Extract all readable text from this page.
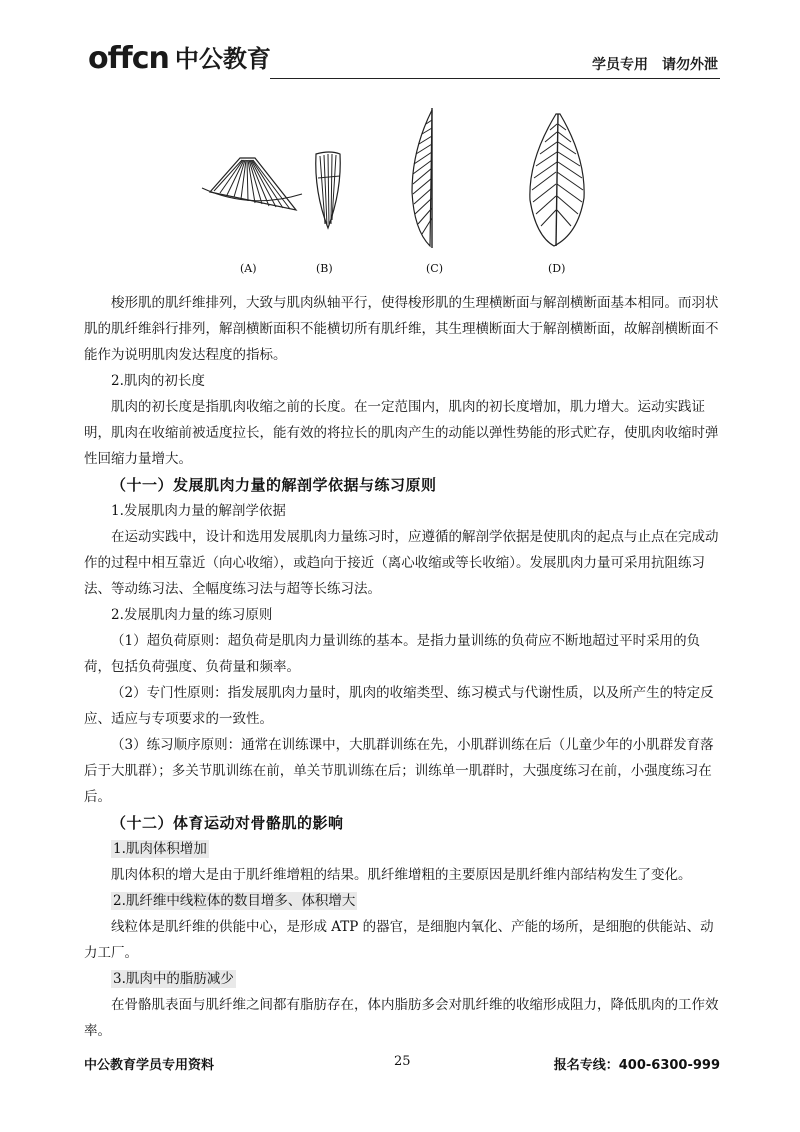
offcn 中公教育	学员专用 请勿外泄
(A)	(B)	(C)	(D)

梭形肌的肌纤维排列，大致与肌肉纵轴平行，使得梭形肌的生理横断面与解剖横断面基本相同。而羽状肌的肌纤维斜行排列，解剖横断面积不能横切所有肌纤维，其生理横断面大于解剖横断面，故解剖横断面不能作为说明肌肉发达程度的指标。

2.肌肉的初长度

肌肉的初长度是指肌肉收缩之前的长度。在一定范围内，肌肉的初长度增加，肌力增大。运动实践证明，肌肉在收缩前被适度拉长，能有效的将拉长的肌肉产生的动能以弹性势能的形式贮存，使肌肉收缩时弹性回缩力量增大。

（十一）发展肌肉力量的解剖学依据与练习原则

1.发展肌肉力量的解剖学依据

在运动实践中，设计和选用发展肌肉力量练习时，应遵循的解剖学依据是使肌肉的起点与止点在完成动作的过程中相互靠近（向心收缩），或趋向于接近（离心收缩或等长收缩）。发展肌肉力量可采用抗阻练习法、等动练习法、全幅度练习法与超等长练习法。

2.发展肌肉力量的练习原则

（1）超负荷原则：超负荷是肌肉力量训练的基本。是指力量训练的负荷应不断地超过平时采用的负荷，包括负荷强度、负荷量和频率。

（2）专门性原则：指发展肌肉力量时，肌肉的收缩类型、练习模式与代谢性质，以及所产生的特定反应、适应与专项要求的一致性。

（3）练习顺序原则：通常在训练课中，大肌群训练在先，小肌群训练在后（儿童少年的小肌群发育落后于大肌群）；多关节肌训练在前，单关节肌训练在后；训练单一肌群时，大强度练习在前，小强度练习在后。

（十二）体育运动对骨骼肌的影响

1.肌肉体积增加

肌肉体积的增大是由于肌纤维增粗的结果。肌纤维增粗的主要原因是肌纤维内部结构发生了变化。

2.肌纤维中线粒体的数目增多、体积增大

线粒体是肌纤维的供能中心，是形成 ATP 的器官，是细胞内氧化、产能的场所，是细胞的供能站、动力工厂。

3.肌肉中的脂肪减少

在骨骼肌表面与肌纤维之间都有脂肪存在，体内脂肪多会对肌纤维的收缩形成阻力，降低肌肉的工作效率。

中公教育学员专用资料	25	报名专线：400-6300-999
